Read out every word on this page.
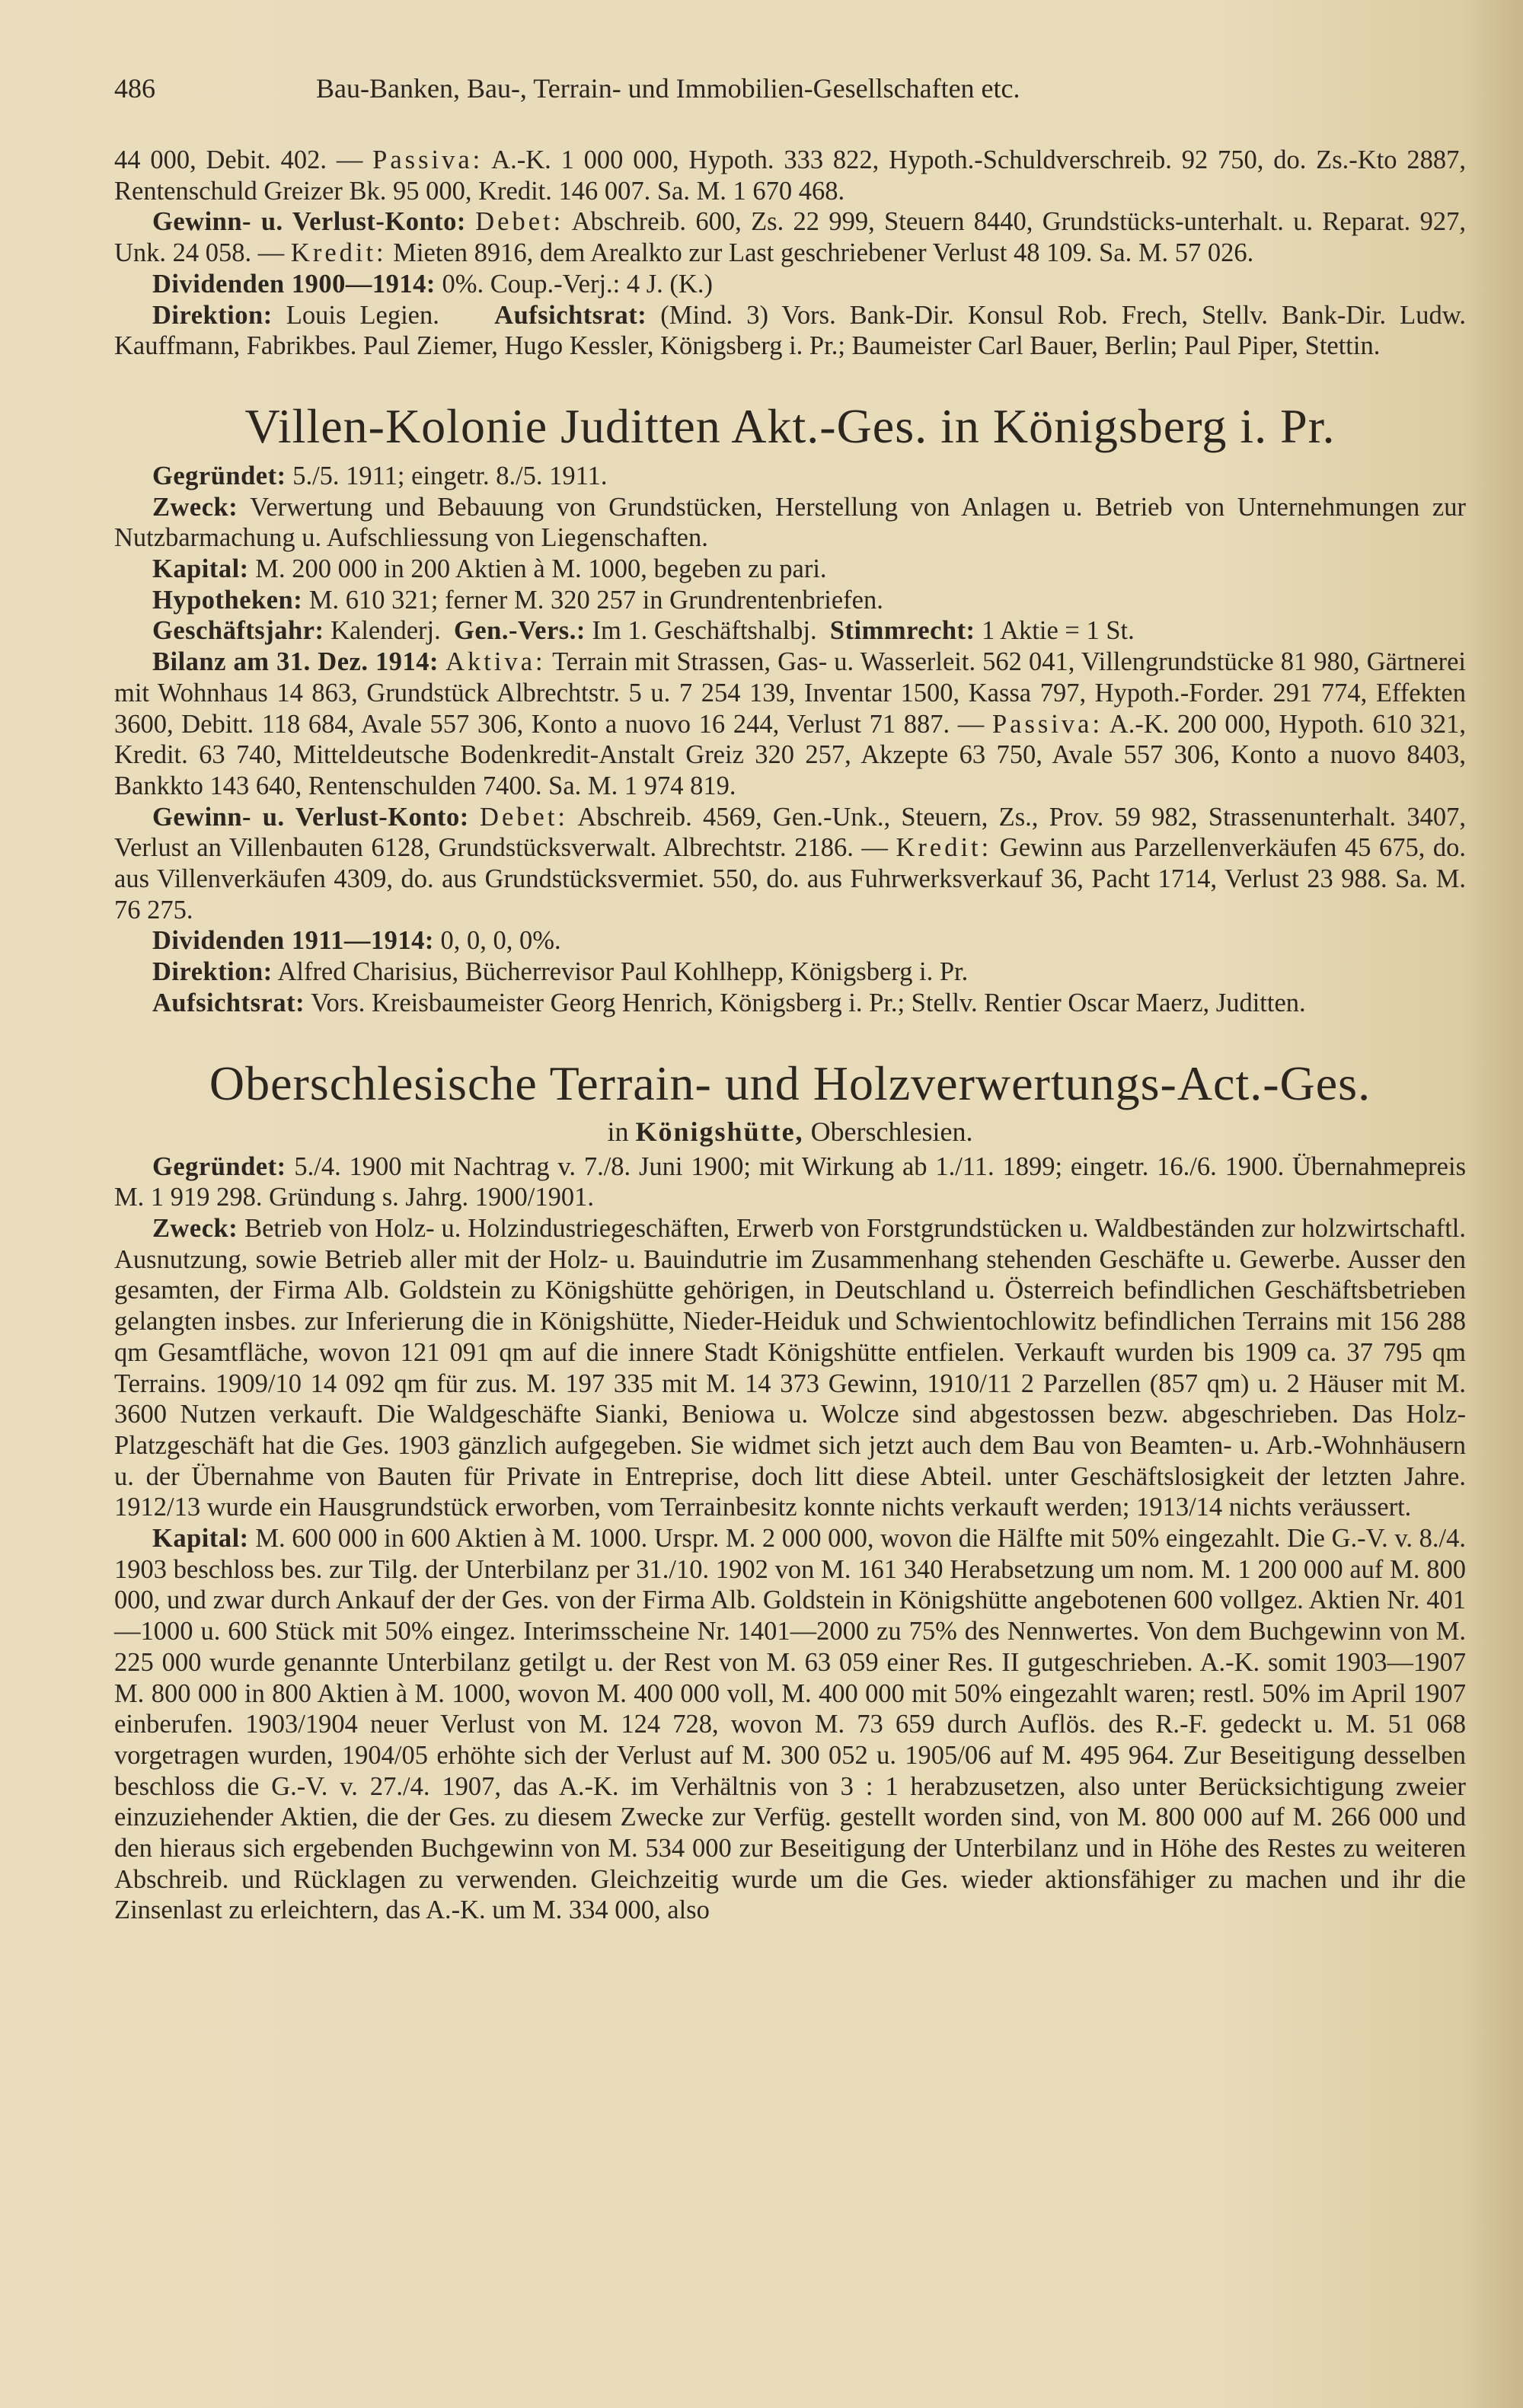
486	Bau-Banken, Bau-, Terrain- und Immobilien-Gesellschaften etc.

44 000, Debit. 402. — Passiva: A.-K. 1 000 000, Hypoth. 333 822, Hypoth.-Schuldverschreib. 92 750, do. Zs.-Kto 2887, Rentenschuld Greizer Bk. 95 000, Kredit. 146 007. Sa. M. 1 670 468.

Gewinn- u. Verlust-Konto: Debet: Abschreib. 600, Zs. 22 999, Steuern 8440, Grundstücks-unterhalt. u. Reparat. 927, Unk. 24 058. — Kredit: Mieten 8916, dem Arealkto zur Last geschriebener Verlust 48 109. Sa. M. 57 026.

Dividenden 1900—1914: 0%. Coup.-Verj.: 4 J. (K.)

Direktion: Louis Legien. Aufsichtsrat: (Mind. 3) Vors. Bank-Dir. Konsul Rob. Frech, Stellv. Bank-Dir. Ludw. Kauffmann, Fabrikbes. Paul Ziemer, Hugo Kessler, Königsberg i. Pr.; Baumeister Carl Bauer, Berlin; Paul Piper, Stettin.

Villen-Kolonie Juditten Akt.-Ges. in Königsberg i. Pr.

Gegründet: 5./5. 1911; eingetr. 8./5. 1911.

Zweck: Verwertung und Bebauung von Grundstücken, Herstellung von Anlagen u. Betrieb von Unternehmungen zur Nutzbarmachung u. Aufschliessung von Liegenschaften.

Kapital: M. 200 000 in 200 Aktien à M. 1000, begeben zu pari.

Hypotheken: M. 610 321; ferner M. 320 257 in Grundrentenbriefen.

Geschäftsjahr: Kalenderj. Gen.-Vers.: Im 1. Geschäftshalbj. Stimmrecht: 1 Aktie = 1 St.

Bilanz am 31. Dez. 1914: Aktiva: Terrain mit Strassen, Gas- u. Wasserleit. 562 041, Villengrundstücke 81 980, Gärtnerei mit Wohnhaus 14 863, Grundstück Albrechtstr. 5 u. 7 254 139, Inventar 1500, Kassa 797, Hypoth.-Forder. 291 774, Effekten 3600, Debitt. 118 684, Avale 557 306, Konto a nuovo 16 244, Verlust 71 887. — Passiva: A.-K. 200 000, Hypoth. 610 321, Kredit. 63 740, Mitteldeutsche Bodenkredit-Anstalt Greiz 320 257, Akzepte 63 750, Avale 557 306, Konto a nuovo 8403, Bankkto 143 640, Rentenschulden 7400. Sa. M. 1 974 819.

Gewinn- u. Verlust-Konto: Debet: Abschreib. 4569, Gen.-Unk., Steuern, Zs., Prov. 59 982, Strassenunterhalt. 3407, Verlust an Villenbauten 6128, Grundstücksverwalt. Albrechtstr. 2186. — Kredit: Gewinn aus Parzellenverkäufen 45 675, do. aus Villenverkäufen 4309, do. aus Grundstücksvermiet. 550, do. aus Fuhrwerksverkauf 36, Pacht 1714, Verlust 23 988. Sa. M. 76 275.

Dividenden 1911—1914: 0, 0, 0, 0%.

Direktion: Alfred Charisius, Bücherrevisor Paul Kohlhepp, Königsberg i. Pr.

Aufsichtsrat: Vors. Kreisbaumeister Georg Henrich, Königsberg i. Pr.; Stellv. Rentier Oscar Maerz, Juditten.

Oberschlesische Terrain- und Holzverwertungs-Act.-Ges.
in Königshütte, Oberschlesien.

Gegründet: 5./4. 1900 mit Nachtrag v. 7./8. Juni 1900; mit Wirkung ab 1./11. 1899; eingetr. 16./6. 1900. Übernahmepreis M. 1 919 298. Gründung s. Jahrg. 1900/1901.

Zweck: Betrieb von Holz- u. Holzindustriegeschäften, Erwerb von Forstgrundstücken u. Waldbeständen zur holzwirtschaftl. Ausnutzung, sowie Betrieb aller mit der Holz- u. Bauindutrie im Zusammenhang stehenden Geschäfte u. Gewerbe. Ausser den gesamten, der Firma Alb. Goldstein zu Königshütte gehörigen, in Deutschland u. Österreich befindlichen Geschäftsbetrieben gelangten insbes. zur Inferierung die in Königshütte, Nieder-Heiduk und Schwientochlowitz befindlichen Terrains mit 156 288 qm Gesamtfläche, wovon 121 091 qm auf die innere Stadt Königshütte entfielen. Verkauft wurden bis 1909 ca. 37 795 qm Terrains. 1909/10 14 092 qm für zus. M. 197 335 mit M. 14 373 Gewinn, 1910/11 2 Parzellen (857 qm) u. 2 Häuser mit M. 3600 Nutzen verkauft. Die Waldgeschäfte Sianki, Beniowa u. Wolcze sind abgestossen bezw. abgeschrieben. Das Holz-Platzgeschäft hat die Ges. 1903 gänzlich aufgegeben. Sie widmet sich jetzt auch dem Bau von Beamten- u. Arb.-Wohnhäusern u. der Übernahme von Bauten für Private in Entreprise, doch litt diese Abteil. unter Geschäftslosigkeit der letzten Jahre. 1912/13 wurde ein Hausgrundstück erworben, vom Terrainbesitz konnte nichts verkauft werden; 1913/14 nichts veräussert.

Kapital: M. 600 000 in 600 Aktien à M. 1000. Urspr. M. 2 000 000, wovon die Hälfte mit 50% eingezahlt. Die G.-V. v. 8./4. 1903 beschloss bes. zur Tilg. der Unterbilanz per 31./10. 1902 von M. 161 340 Herabsetzung um nom. M. 1 200 000 auf M. 800 000, und zwar durch Ankauf der der Ges. von der Firma Alb. Goldstein in Königshütte angebotenen 600 vollgez. Aktien Nr. 401—1000 u. 600 Stück mit 50% eingez. Interimsscheine Nr. 1401—2000 zu 75% des Nennwertes. Von dem Buchgewinn von M. 225 000 wurde genannte Unterbilanz getilgt u. der Rest von M. 63 059 einer Res. II gutgeschrieben. A.-K. somit 1903—1907 M. 800 000 in 800 Aktien à M. 1000, wovon M. 400 000 voll, M. 400 000 mit 50% eingezahlt waren; restl. 50% im April 1907 einberufen. 1903/1904 neuer Verlust von M. 124 728, wovon M. 73 659 durch Auflös. des R.-F. gedeckt u. M. 51 068 vorgetragen wurden, 1904/05 erhöhte sich der Verlust auf M. 300 052 u. 1905/06 auf M. 495 964. Zur Beseitigung desselben beschloss die G.-V. v. 27./4. 1907, das A.-K. im Verhältnis von 3 : 1 herabzusetzen, also unter Berücksichtigung zweier einzuziehender Aktien, die der Ges. zu diesem Zwecke zur Verfüg. gestellt worden sind, von M. 800 000 auf M. 266 000 und den hieraus sich ergebenden Buchgewinn von M. 534 000 zur Beseitigung der Unterbilanz und in Höhe des Restes zu weiteren Abschreib. und Rücklagen zu verwenden. Gleichzeitig wurde um die Ges. wieder aktionsfähiger zu machen und ihr die Zinsenlast zu erleichtern, das A.-K. um M. 334 000, also
